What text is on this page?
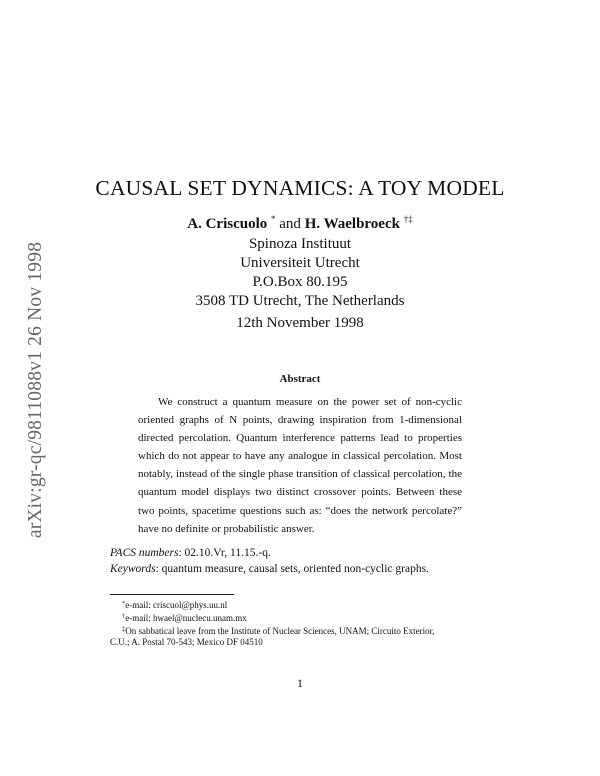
arXiv:gr-qc/9811088v1 26 Nov 1998
CAUSAL SET DYNAMICS: A TOY MODEL
A. Criscuolo * and H. Waelbroeck †‡
Spinoza Instituut
Universiteit Utrecht
P.O.Box 80.195
3508 TD Utrecht, The Netherlands
12th November 1998
Abstract

We construct a quantum measure on the power set of non-cyclic oriented graphs of N points, drawing inspiration from 1-dimensional directed percolation. Quantum interference patterns lead to properties which do not appear to have any analogue in classical percolation. Most notably, instead of the single phase transition of classical percolation, the quantum model displays two distinct crossover points. Between these two points, spacetime questions such as: “does the network percolate?” have no definite or probabilistic answer.

PACS numbers: 02.10.Vr, 11.15.-q.
Keywords: quantum measure, causal sets, oriented non-cyclic graphs.
*e-mail: criscuol@phys.uu.nl
†e-mail: hwael@nuclecu.unam.mx
‡On sabbatical leave from the Institute of Nuclear Sciences, UNAM; Circuito Exterior,
C.U.; A. Postal 70-543; Mexico DF 04510
1
